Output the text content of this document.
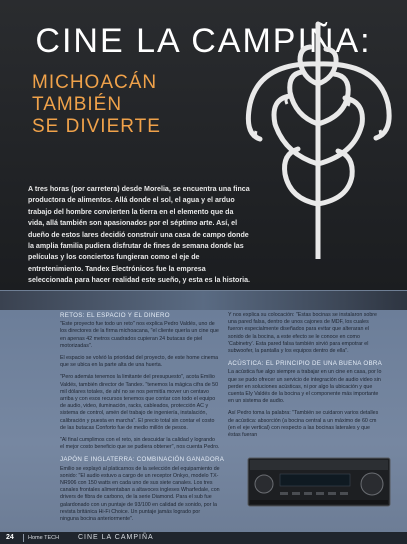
CINE LA CAMPIÑA:
MICHOACÁN
TAMBIÉN
SE DIVIERTE
A tres horas (por carretera) desde Morelia, se encuentra una finca productora de alimentos. Allá donde el sol, el agua y el arduo trabajo del hombre convierten la tierra en el elemento que da vida, allá también son apasionados por el séptimo arte. Así, el dueño de estos lares decidió construir una casa de campo donde la amplia familia pudiera disfrutar de fines de semana donde las películas y los conciertos fungieran como el eje de entretenimiento. Tandex Electrónicos fue la empresa seleccionada para hacer realidad este sueño, y esta es la historia.
RETOS: EL ESPACIO Y EL DINERO

"Este proyecto fue todo un reto" nos explica Pedro Valdés, uno de los directores de la firma michoacana, "el cliente quería un cine que en apenas 42 metros cuadrados cupieran 24 butacas de piel motorizadas".

El espacio se volvió la prioridad del proyecto, de este home cinema que se ubica en la parte alta de una huerta.

"Pero además tenemos la limitante del presupuesto", acota Emilio Valdés, también director de Tandex. "tenemos la mágica cifra de 50 mil dólares totales, de ahí no se nos permitía mover un centavo arriba y con esos recursos tenemos que contar con todo el equipo de audio, video, iluminación, racks, cableados, protección AC y sistema de control, amén del trabajo de ingeniería, instalación, calibración y puesta en marcha". El precio total sin contar el costo de las butacas Conforto fue de medio millón de pesos.

"Al final cumplimos con el reto, sin descuidar la calidad y logrando el mejor costo beneficio que se pudiera obtener", nos cuenta Pedro.

JAPÓN E INGLATERRA: COMBINACIÓN GANADORA

Emilio se explayó al platicarnos de la selección del equipamiento de sonido: "El audio estuvo a cargo de un receptor Onkyo, modelo TX-NR906 con 150 watts en cada uno de sus siete canales. Los tres canales frontales alimentaban a altavoces ingleses Wharfedale, con drivers de fibra de carbono, de la serie Diamond. Para el sub fue galardonado con un puntaje de 93/100 en calidad de sonido, por la revista británica Hi-Fi Choice. Un puntaje jamás logrado por ninguna bocina anteriormente".

Y nos explica su colocación: "Estas bocinas se instalaron sobre una pared falsa, dentro de unos cajones de MDF, los cuales fueron especialmente diseñados para evitar que alteraran el sonido de la bocina, a este efecto se le conoce en como 'Cabinetry'. Esta pared falsa también sirvió para empotrar el subwoofer, la pantalla y los equipos dentro de ella".

ACÚSTICA: EL PRINCIPIO DE UNA BUENA OBRA

La acústica fue algo siempre a trabajar en un cine en casa, por lo que se pudo ofrecer un servicio de integración de audio video sin perder en soluciones acústicas, ni por algo la ubicación y que cuenta Ely Valdés de la bocina y el componente más importante en un sistema de audio.

Así Pedro toma la palabra: "También se cuidaron varios detalles de acústica: absorción (a bocina central a un máximo de 60 cm (en el eje vertical) con respecto a las bocinas laterales y que éstas fueran

24	Home TECH	CINE LA CAMPIÑA
